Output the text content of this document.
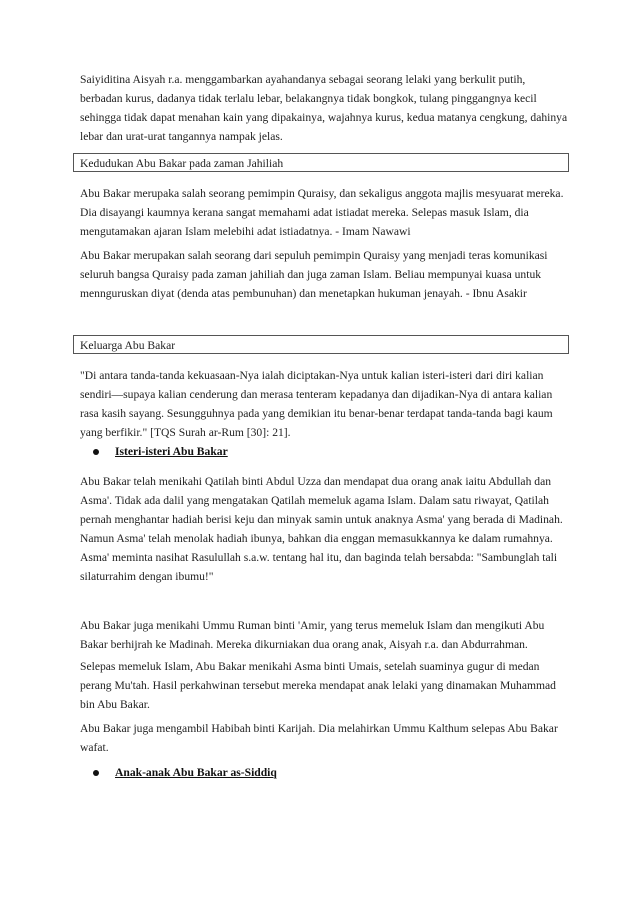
Saiyiditina Aisyah r.a. menggambarkan ayahandanya sebagai seorang lelaki yang berkulit putih, berbadan kurus, dadanya tidak terlalu lebar, belakangnya tidak bongkok, tulang pinggangnya kecil sehingga tidak dapat menahan kain yang dipakainya, wajahnya kurus, kedua matanya cengkung, dahinya lebar dan urat-urat tangannya nampak jelas.

Kedudukan Abu Bakar pada zaman Jahiliah

Abu Bakar merupaka salah seorang pemimpin Quraisy, dan sekaligus anggota majlis mesyuarat mereka. Dia disayangi kaumnya kerana sangat memahami adat istiadat mereka. Selepas masuk Islam, dia mengutamakan ajaran Islam melebihi adat istiadatnya. - Imam Nawawi

Abu Bakar merupakan salah seorang dari sepuluh pemimpin Quraisy yang menjadi teras komunikasi seluruh bangsa Quraisy pada zaman jahiliah dan juga zaman Islam. Beliau mempunyai kuasa untuk mennguruskan diyat (denda atas pembunuhan) dan menetapkan hukuman jenayah. - Ibnu Asakir

Keluarga Abu Bakar

"Di antara tanda-tanda kekuasaan-Nya ialah diciptakan-Nya untuk kalian isteri-isteri dari diri kalian sendiri—supaya kalian cenderung dan merasa tenteram kepadanya dan dijadikan-Nya di antara kalian rasa kasih sayang. Sesungguhnya pada yang demikian itu benar-benar terdapat tanda-tanda bagi kaum yang berfikir." [TQS Surah ar-Rum [30]: 21].

Isteri-isteri Abu Bakar

Abu Bakar telah menikahi Qatilah binti Abdul Uzza dan mendapat dua orang anak iaitu Abdullah dan Asma'. Tidak ada dalil yang mengatakan Qatilah memeluk agama Islam. Dalam satu riwayat, Qatilah pernah menghantar hadiah berisi keju dan minyak samin untuk anaknya Asma' yang berada di Madinah. Namun Asma' telah menolak hadiah ibunya, bahkan dia enggan memasukkannya ke dalam rumahnya. Asma' meminta nasihat Rasulullah s.a.w. tentang hal itu, dan baginda telah bersabda: "Sambunglah tali silaturrahim dengan ibumu!"

Abu Bakar juga menikahi Ummu Ruman binti 'Amir, yang terus memeluk Islam dan mengikuti Abu Bakar berhijrah ke Madinah. Mereka dikurniakan dua orang anak, Aisyah r.a. dan Abdurrahman.

Selepas memeluk Islam, Abu Bakar menikahi Asma binti Umais, setelah suaminya gugur di medan perang Mu'tah. Hasil perkahwinan tersebut mereka mendapat anak lelaki yang dinamakan Muhammad bin Abu Bakar.

Abu Bakar juga mengambil Habibah binti Karijah. Dia melahirkan Ummu Kalthum selepas Abu Bakar wafat.

Anak-anak Abu Bakar as-Siddiq
